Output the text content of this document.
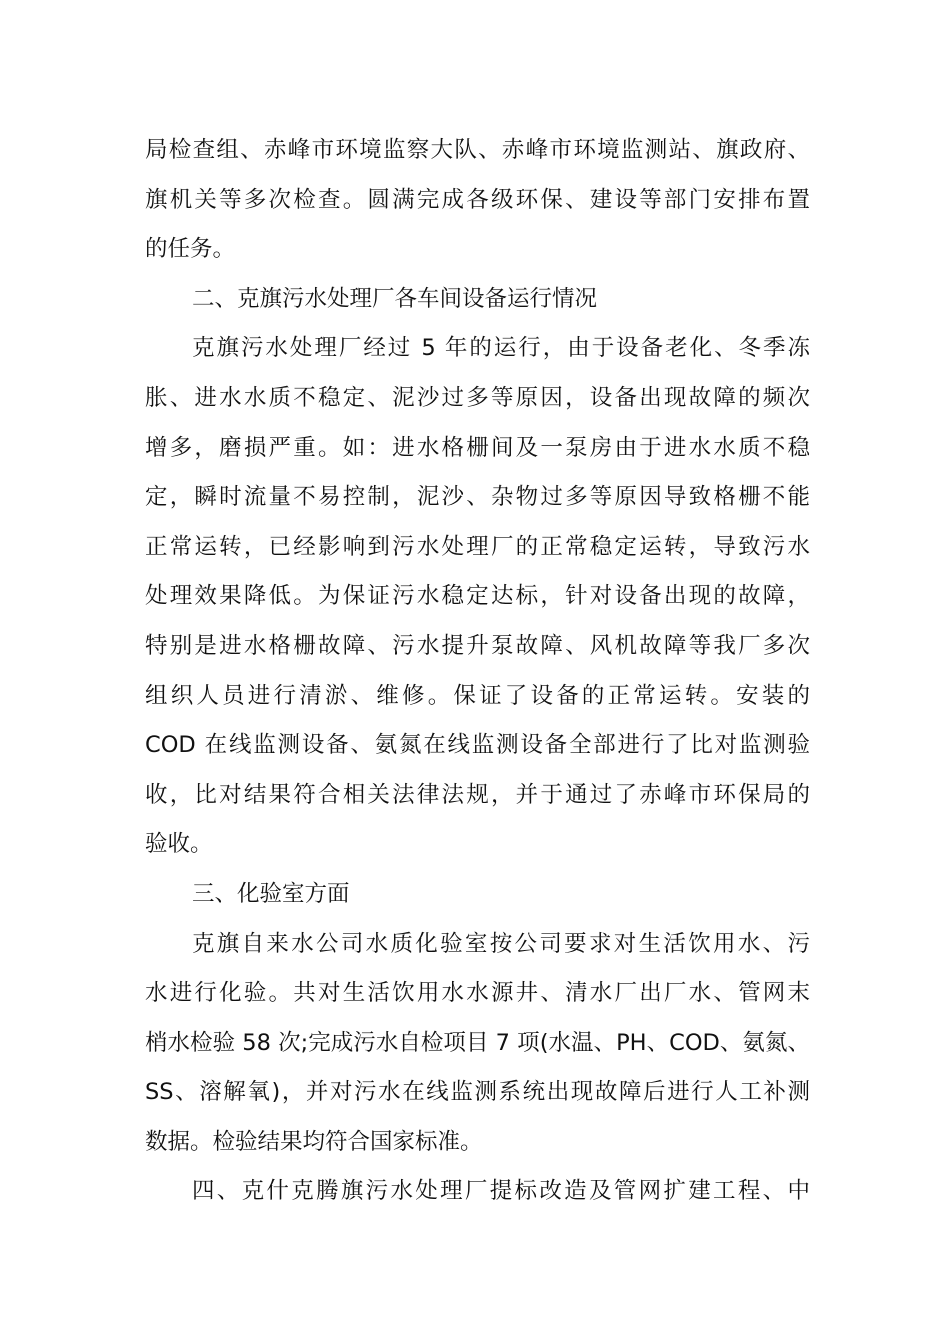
局检查组、赤峰市环境监察大队、赤峰市环境监测站、旗政府、
旗机关等多次检查。圆满完成各级环保、建设等部门安排布置
的任务。
二、克旗污水处理厂各车间设备运行情况
克旗污水处理厂经过 5 年的运行，由于设备老化、冬季冻
胀、进水水质不稳定、泥沙过多等原因，设备出现故障的频次
增多，磨损严重。如：进水格栅间及一泵房由于进水水质不稳
定，瞬时流量不易控制，泥沙、杂物过多等原因导致格栅不能
正常运转，已经影响到污水处理厂的正常稳定运转，导致污水
处理效果降低。为保证污水稳定达标，针对设备出现的故障，
特别是进水格栅故障、污水提升泵故障、风机故障等我厂多次
组织人员进行清淤、维修。保证了设备的正常运转。安装的
COD 在线监测设备、氨氮在线监测设备全部进行了比对监测验
收，比对结果符合相关法律法规，并于通过了赤峰市环保局的
验收。
三、化验室方面
克旗自来水公司水质化验室按公司要求对生活饮用水、污
水进行化验。共对生活饮用水水源井、清水厂出厂水、管网末
梢水检验 58 次;完成污水自检项目 7 项(水温、PH、COD、氨氮、
SS、溶解氧)，并对污水在线监测系统出现故障后进行人工补测
数据。检验结果均符合国家标准。
四、克什克腾旗污水处理厂提标改造及管网扩建工程、中
